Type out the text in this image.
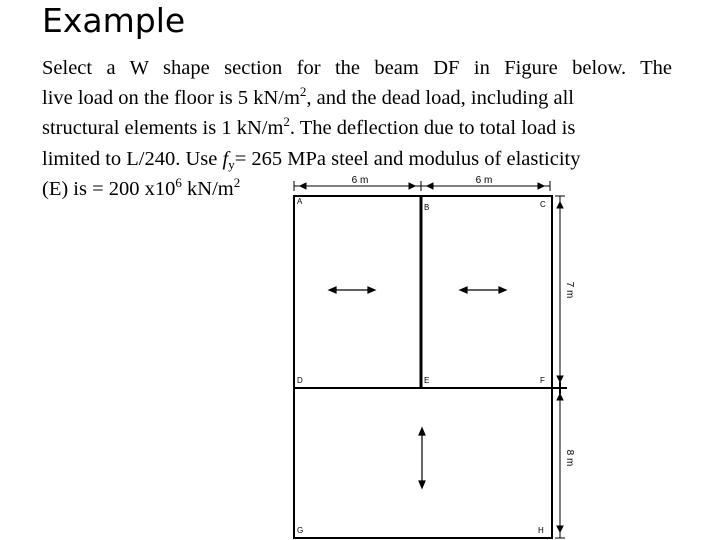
Example
Select a W shape section for the beam DF in Figure below. The
live load on the floor is 5 $kN/m^2$, and the dead load, including all
structural elements is 1 $kN/m^2$. The deflection due to total load is
limited to L/240. Use $f_y= 265$ MPa steel and modulus of elasticity
(E) is = 200 $x10^6$ $kN/m^2$	6 m	6 m
7 m
8 m
A
B	C
D	E	F
G	H
